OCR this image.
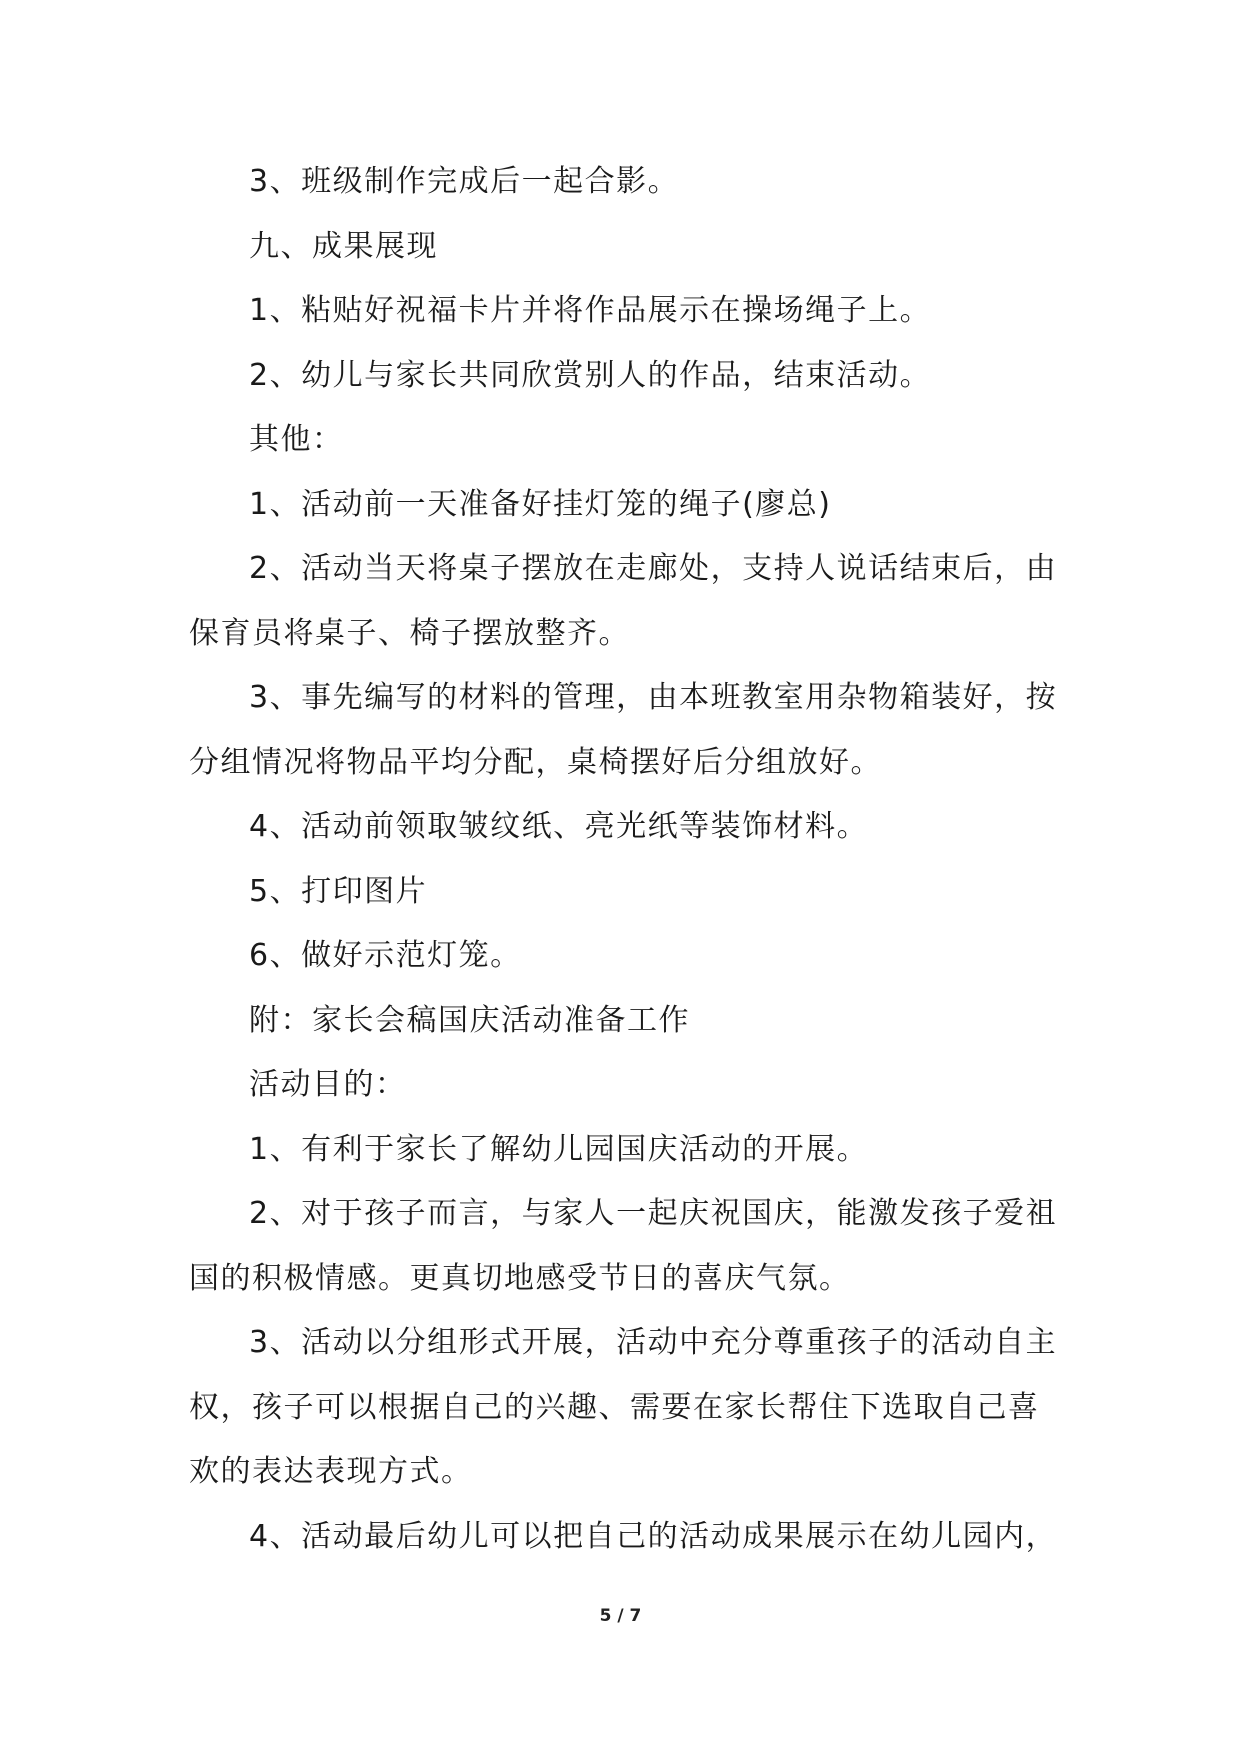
3、班级制作完成后一起合影。

九、成果展现

1、粘贴好祝福卡片并将作品展示在操场绳子上。

2、幼儿与家长共同欣赏别人的作品，结束活动。

其他：

1、活动前一天准备好挂灯笼的绳子(廖总)

2、活动当天将桌子摆放在走廊处，支持人说话结束后，由保育员将桌子、椅子摆放整齐。

3、事先编写的材料的管理，由本班教室用杂物箱装好，按分组情况将物品平均分配，桌椅摆好后分组放好。

4、活动前领取皱纹纸、亮光纸等装饰材料。

5、打印图片

6、做好示范灯笼。

附：家长会稿国庆活动准备工作

活动目的：

1、有利于家长了解幼儿园国庆活动的开展。

2、对于孩子而言，与家人一起庆祝国庆，能激发孩子爱祖国的积极情感。更真切地感受节日的喜庆气氛。

3、活动以分组形式开展，活动中充分尊重孩子的活动自主权，孩子可以根据自己的兴趣、需要在家长帮住下选取自己喜欢的表达表现方式。

4、活动最后幼儿可以把自己的活动成果展示在幼儿园内，

5 / 7
